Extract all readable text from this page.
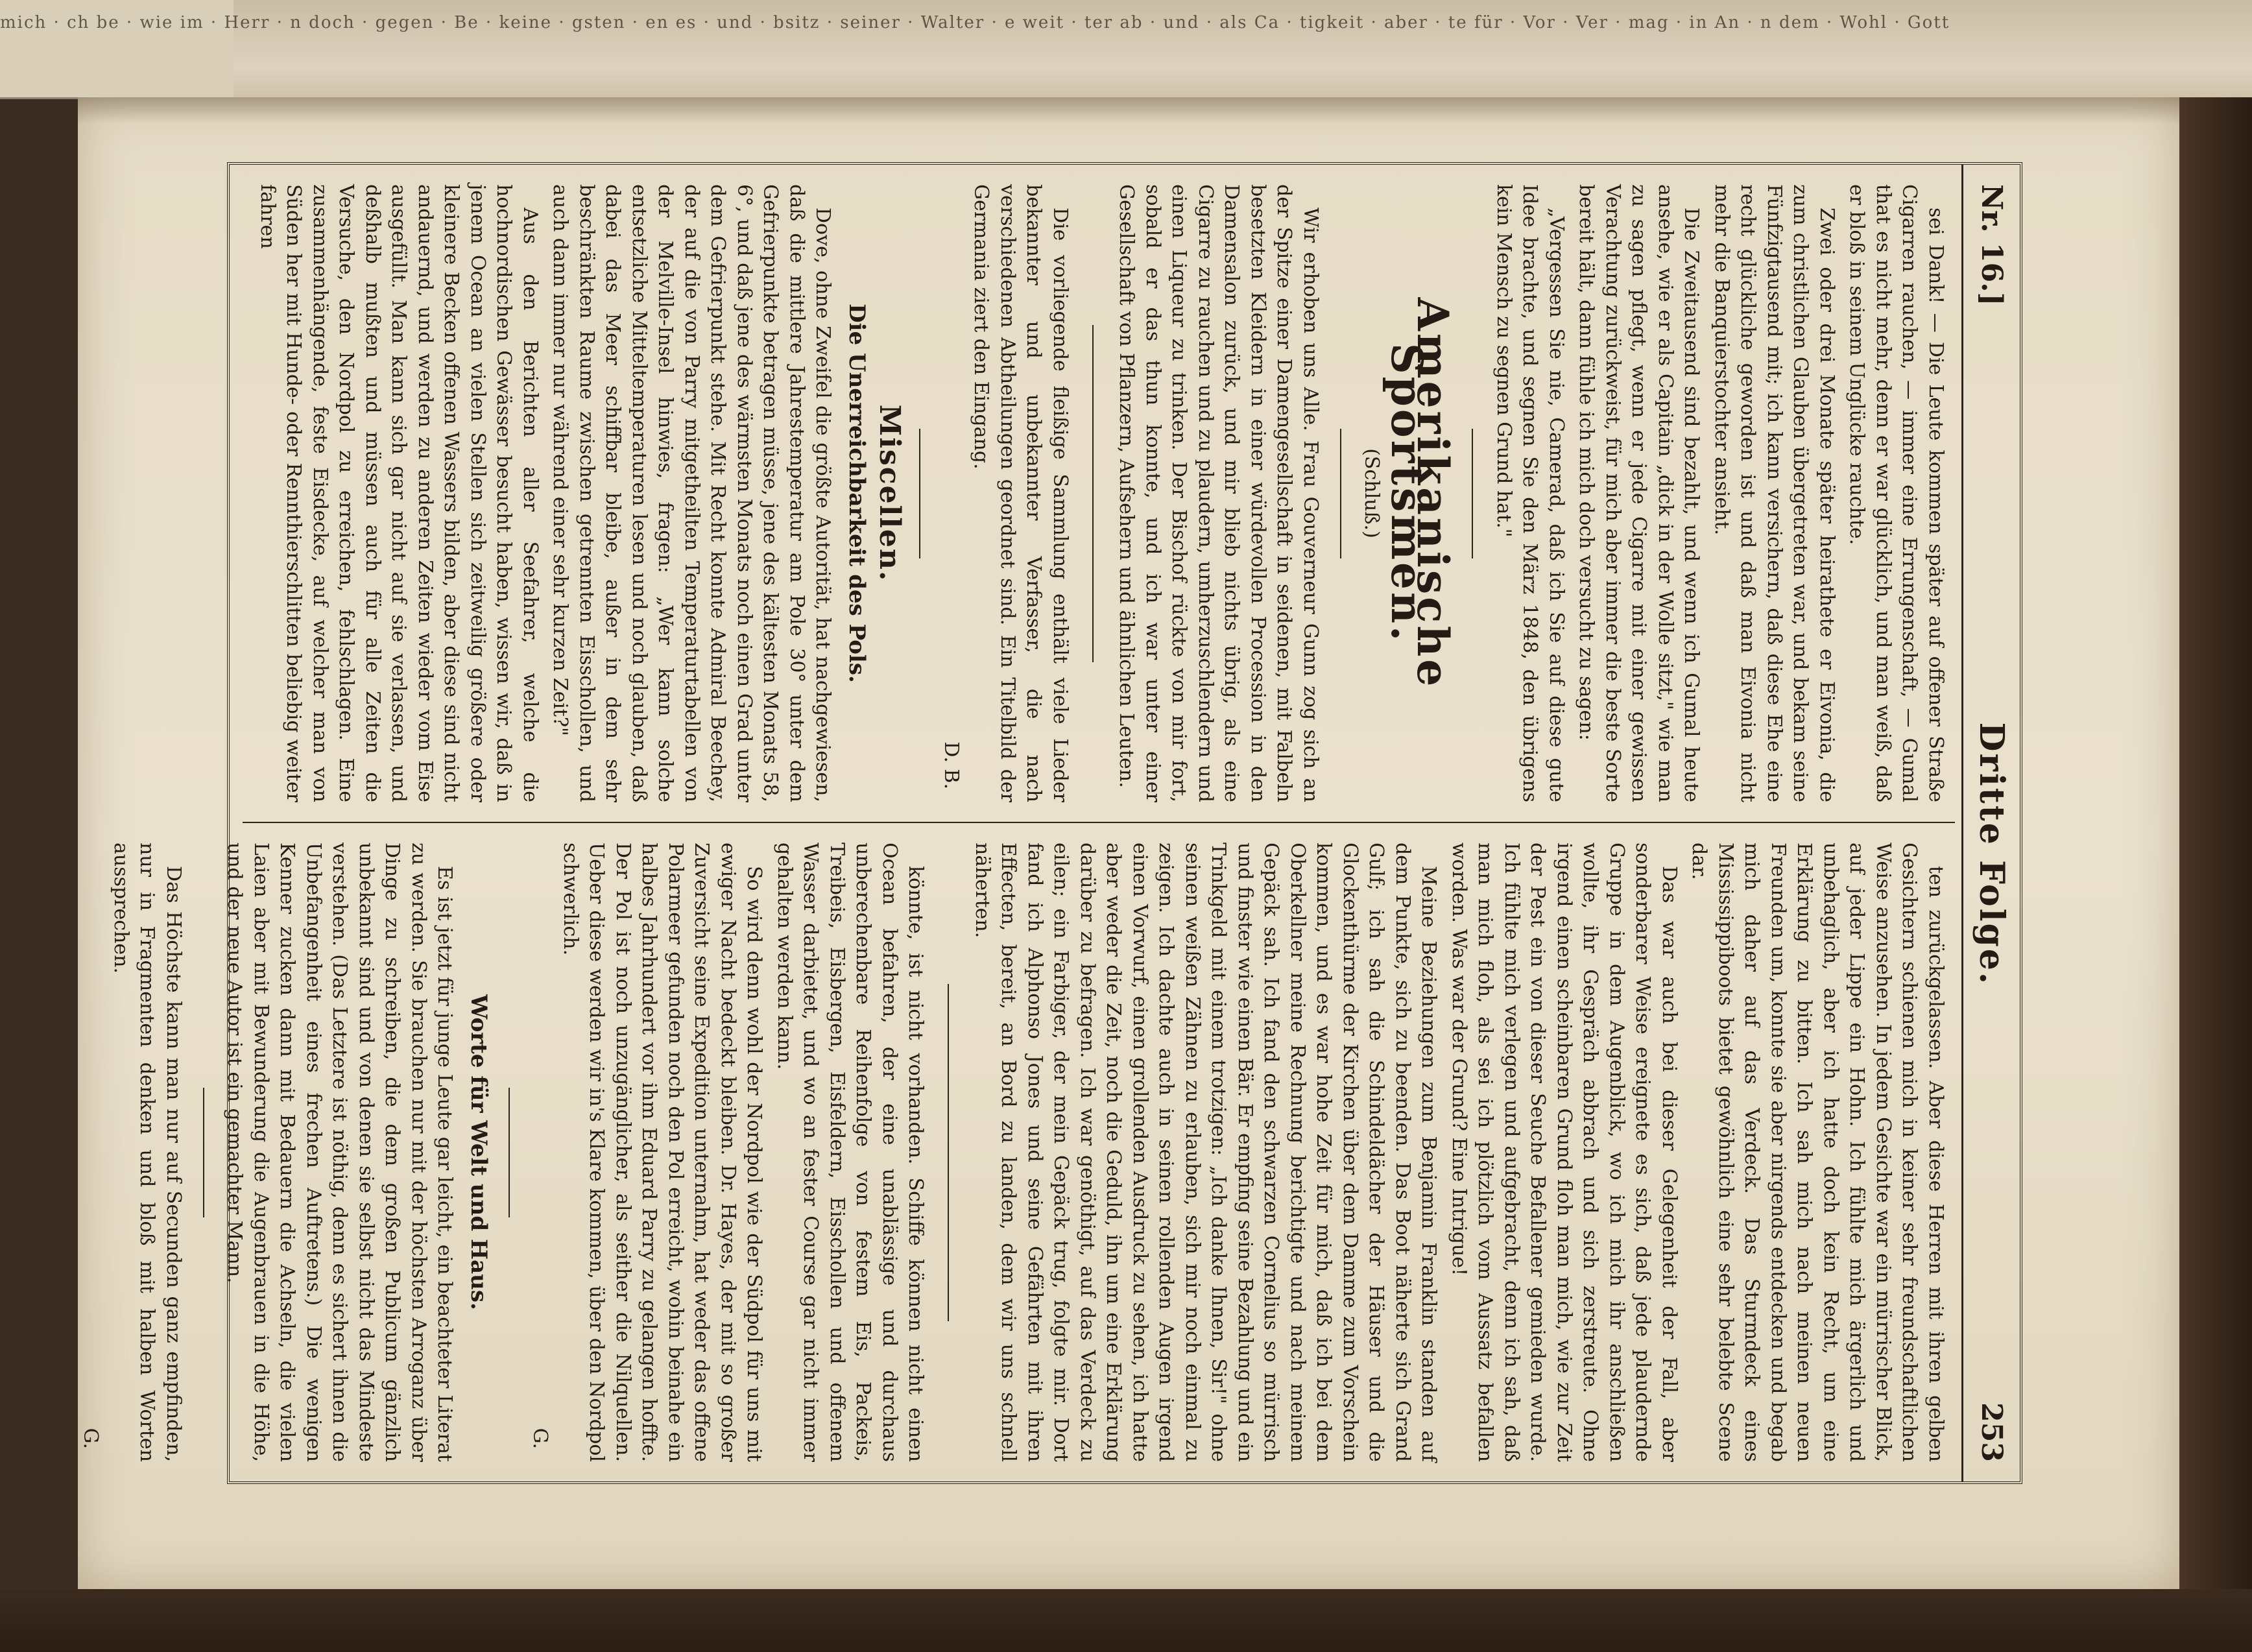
mich · ch be · wie im · Herr · n doch · gegen · Be · keine · gsten · en es · und · bsitz · seiner · Walter · e weit · ter ab · und · als Ca · tigkeit · aber · te für · Vor · Ver · mag · in An · n dem · Wohl · Gott
Nr. 16.]
Dritte Folge.
253

sei Dank! — Die Leute kommen später auf offener Straße Cigarren rauchen, — immer eine Errungenschaft, — Gumal that es nicht mehr, denn er war glücklich, und man weiß, daß er bloß in seinem Unglücke rauchte.

Zwei oder drei Monate später heirathete er Eivonia, die zum christlichen Glauben übergetreten war, und bekam seine Fünfzigtausend mit; ich kann versichern, daß diese Ehe eine recht glückliche geworden ist und daß man Eivonia nicht mehr die Banquierstochter ansieht.

Die Zweitausend sind bezahlt, und wenn ich Gumal heute ansehe, wie er als Capitain „dick in der Wolle sitzt," wie man zu sagen pflegt, wenn er jede Cigarre mit einer gewissen Verachtung zurückweist, für mich aber immer die beste Sorte bereit hält, dann fühle ich mich doch versucht zu sagen:

„Vergessen Sie nie, Camerad, daß ich Sie auf diese gute Idee brachte, und segnen Sie den März 1848, den übrigens kein Mensch zu segnen Grund hat."

Amerikanische Sportsmen.
(Schluß.)

Wir erhoben uns Alle. Frau Gouverneur Gunn zog sich an der Spitze einer Damengesellschaft in seidenen, mit Falbeln besetzten Kleidern in einer würdevollen Procession in den Damensalon zurück, und mir blieb nichts übrig, als eine Cigarre zu rauchen und zu plaudern, umherzuschlendern und einen Liqueur zu trinken. Der Bischof rückte von mir fort, sobald er das thun konnte, und ich war unter einer Gesellschaft von Pflanzern, Aufsehern und ähnlichen Leuten.

Die vorliegende fleißige Sammlung enthält viele Lieder bekannter und unbekannter Verfasser, die nach verschiedenen Abtheilungen geordnet sind. Ein Titelbild der Germania ziert den Eingang.

D. B.
Miscellen.
Die Unerreichbarkeit des Pols.

Dove, ohne Zweifel die größte Autorität, hat nachgewiesen, daß die mittlere Jahrestemperatur am Pole 30° unter dem Gefrierpunkte betragen müsse, jene des kältesten Monats 58, 6°, und daß jene des wärmsten Monats noch einen Grad unter dem Gefrierpunkt stehe. Mit Recht konnte Admiral Beechey, der auf die von Parry mitgetheilten Temperaturtabellen von der Melville-Insel hinwies, fragen: „Wer kann solche entsetzliche Mitteltemperaturen lesen und noch glauben, daß dabei das Meer schiffbar bleibe, außer in dem sehr beschränkten Raume zwischen getrennten Eisschollen, und auch dann immer nur während einer sehr kurzen Zeit?"

Aus den Berichten aller Seefahrer, welche die hochnordischen Gewässer besucht haben, wissen wir, daß in jenem Ocean an vielen Stellen sich zeitweilig größere oder kleinere Becken offenen Wassers bilden, aber diese sind nicht andauernd, und werden zu anderen Zeiten wieder vom Eise ausgefüllt. Man kann sich gar nicht auf sie verlassen, und deßhalb mußten und müssen auch für alle Zeiten die Versuche, den Nordpol zu erreichen, fehlschlagen. Eine zusammenhängende, feste Eisdecke, auf welcher man von Süden her mit Hunde- oder Rennthierschlitten beliebig weiter fahren

ten zurückgelassen. Aber diese Herren mit ihren gelben Gesichtern schienen mich in keiner sehr freundschaftlichen Weise anzusehen. In jedem Gesichte war ein mürrischer Blick, auf jeder Lippe ein Hohn. Ich fühlte mich ärgerlich und unbehaglich, aber ich hatte doch kein Recht, um eine Erklärung zu bitten. Ich sah mich nach meinen neuen Freunden um, konnte sie aber nirgends entdecken und begab mich daher auf das Verdeck. Das Sturmdeck eines Mississippiboots bietet gewöhnlich eine sehr belebte Scene dar.

Das war auch bei dieser Gelegenheit der Fall, aber sonderbarer Weise ereignete es sich, daß jede plaudernde Gruppe in dem Augenblick, wo ich mich ihr anschließen wollte, ihr Gespräch abbrach und sich zerstreute. Ohne irgend einen scheinbaren Grund floh man mich, wie zur Zeit der Pest ein von dieser Seuche Befallener gemieden wurde. Ich fühlte mich verlegen und aufgebracht, denn ich sah, daß man mich floh, als sei ich plötzlich vom Aussatz befallen worden. Was war der Grund? Eine Intrigue!

Meine Beziehungen zum Benjamin Franklin standen auf dem Punkte, sich zu beenden. Das Boot näherte sich Grand Gulf; ich sah die Schindeldächer der Häuser und die Glockenthürme der Kirchen über dem Damme zum Vorschein kommen, und es war hohe Zeit für mich, daß ich bei dem Oberkellner meine Rechnung berichtigte und nach meinem Gepäck sah. Ich fand den schwarzen Cornelius so mürrisch und finster wie einen Bär. Er empfing seine Bezahlung und ein Trinkgeld mit einem trotzigen: „Ich danke Ihnen, Sir!" ohne seinen weißen Zähnen zu erlauben, sich mir noch einmal zu zeigen. Ich dachte auch in seinen rollenden Augen irgend einen Vorwurf, einen grollenden Ausdruck zu sehen, ich hatte aber weder die Zeit, noch die Geduld, ihn um eine Erklärung darüber zu befragen. Ich war genöthigt, auf das Verdeck zu eilen; ein Farbiger, der mein Gepäck trug, folgte mir. Dort fand ich Alphonso Jones und seine Gefährten mit ihren Effecten, bereit, an Bord zu landen, dem wir uns schnell näherten.

könnte, ist nicht vorhanden. Schiffe können nicht einen Ocean befahren, der eine unablässige und durchaus unberechenbare Reihenfolge von festem Eis, Packeis, Treibeis, Eisbergen, Eisfeldern, Eisschollen und offenem Wasser darbietet, und wo an fester Course gar nicht immer gehalten werden kann.

So wird denn wohl der Nordpol wie der Südpol für uns mit ewiger Nacht bedeckt bleiben. Dr. Hayes, der mit so großer Zuversicht seine Expedition unternahm, hat weder das offene Polarmeer gefunden noch den Pol erreicht, wohin beinahe ein halbes Jahrhundert vor ihm Eduard Parry zu gelangen hoffte. Der Pol ist noch unzugänglicher, als seither die Nilquellen. Ueber diese werden wir in's Klare kommen, über den Nordpol schwerlich.

G.
Worte für Welt und Haus.

Es ist jetzt für junge Leute gar leicht, ein beachteter Literat zu werden. Sie brauchen nur mit der höchsten Arroganz über Dinge zu schreiben, die dem großen Publicum gänzlich unbekannt sind und von denen sie selbst nicht das Mindeste verstehen. (Das Letztere ist nöthig, denn es sichert ihnen die Unbefangenheit eines frechen Auftretens.) Die wenigen Kenner zucken dann mit Bedauern die Achseln, die vielen Laien aber mit Bewunderung die Augenbrauen in die Höhe, und der neue Autor ist ein gemachter Mann.

Das Höchste kann man nur auf Secunden ganz empfinden, nur in Fragmenten denken und bloß mit halben Worten aussprechen.

G.
